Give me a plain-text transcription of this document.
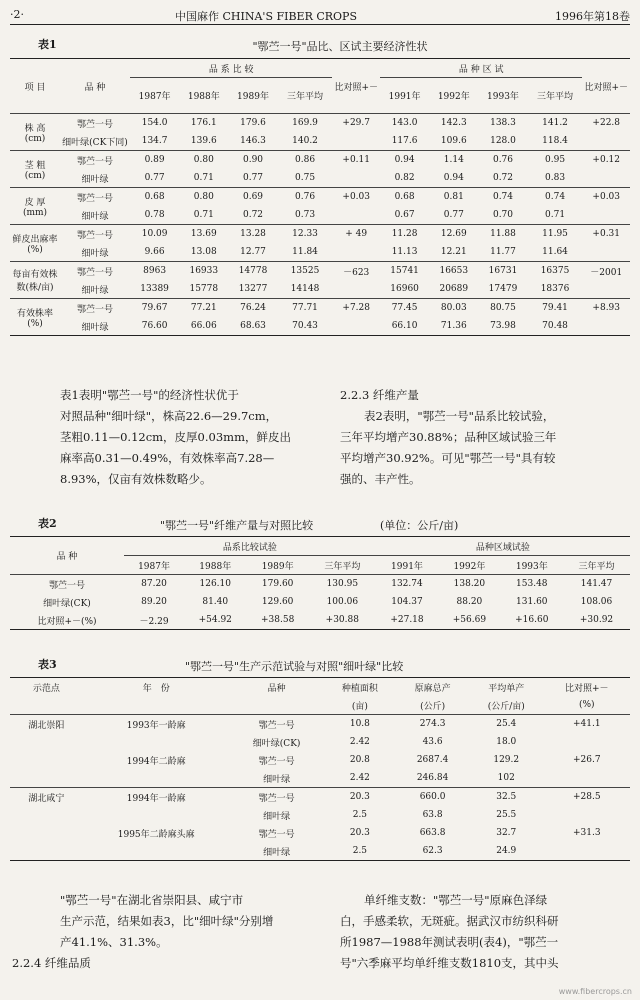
·2·	中国麻作 CHINA'S FIBER CROPS	1996年第18卷
表1	"鄂苎一号"品比、区试主要经济性状
项 目	品 种	品 系 比 较				比对照+－	品 种 区 试				比对照+－
		1987年	1988年	1989年	三年平均		1991年	1992年	1993年	三年平均	

株 高
(cm)	鄂苎一号	154.0	176.1	179.6	169.9	+29.7	143.0	142.3	138.3	141.2	+22.8
	细叶绿(CK下同)	134.7	139.6	146.3	140.2		117.6	109.6	128.0	118.4	

茎 粗
(cm)	鄂苎一号	0.89	0.80	0.90	0.86	+0.11	0.94	1.14	0.76	0.95	+0.12
	细叶绿	0.77	0.71	0.77	0.75		0.82	0.94	0.72	0.83	

皮 厚
(mm)	鄂苎一号	0.68	0.80	0.69	0.76	+0.03	0.68	0.81	0.74	0.74	+0.03
	细叶绿	0.78	0.71	0.72	0.73		0.67	0.77	0.70	0.71	

鲜皮出麻率
(%)	鄂苎一号	10.09	13.69	13.28	12.33	+ 49	11.28	12.69	11.88	11.95	+0.31
	细叶绿	9.66	13.08	12.77	11.84		11.13	12.21	11.77	11.64	

每亩有效株
数(株/亩)	鄂苎一号	8963	16933	14778	13525	－623	15741	16653	16731	16375	－2001
	细叶绿	13389	15778	13277	14148		16960	20689	17479	18376	

有效株率
(%)	鄂苎一号	79.67	77.21	76.24	77.71	+7.28	77.45	80.03	80.75	79.41	+8.93
	细叶绿	76.60	66.06	68.63	70.43		66.10	71.36	73.98	70.48	
表1表明"鄂苎一号"的经济性状优于
对照品种"细叶绿"，株高22.6—29.7cm，
茎粗0.11—0.12cm，皮厚0.03mm，鲜皮出
麻率高0.31—0.49%，有效株率高7.28—
8.93%，仅亩有效株数略少。
2.2.3 纤维产量
表2表明，"鄂苎一号"品系比较试验，
三年平均增产30.88%；品种区域试验三年
平均增产30.92%。可见"鄂苎一号"具有较
强的、丰产性。
表2	"鄂苎一号"纤维产量与对照比较	(单位：公斤/亩)
品 种	品系比较试验				品种区域试验			
	1987年	1988年	1989年	三年平均	1991年	1992年	1993年	三年平均
鄂苎一号	87.20	126.10	179.60	130.95	132.74	138.20	153.48	141.47
细叶绿(CK)	89.20	81.40	129.60	100.06	104.37	88.20	131.60	108.06
比对照+－(%)	－2.29	+54.92	+38.58	+30.88	+27.18	+56.69	+16.60	+30.92
表3	"鄂苎一号"生产示范试验与对照"细叶绿"比较
示范点	年　份	品种	种植面积	原麻总产	平均单产	比对照+－
			(亩)	(公斤)	(公斤/亩)	(%)
湖北崇阳	1993年一龄麻	鄂苎一号	10.8	274.3	25.4	+41.1
		细叶绿(CK)	2.42	43.6	18.0	
	1994年二龄麻	鄂苎一号	20.8	2687.4	129.2	+26.7
		细叶绿	2.42	246.84	102	
湖北咸宁	1994年一龄麻	鄂苎一号	20.3	660.0	32.5	+28.5
		细叶绿	2.5	63.8	25.5	
	1995年二龄麻头麻	鄂苎一号	20.3	663.8	32.7	+31.3
		细叶绿	2.5	62.3	24.9	
"鄂苎一号"在湖北省崇阳县、咸宁市
生产示范，结果如表3，比"细叶绿"分别增
产41.1%、31.3%。
2.2.4 纤维品质
单纤维支数："鄂苎一号"原麻色泽绿
白，手感柔软，无斑疵。据武汉市纺织科研
所1987—1988年测试表明(表4)，"鄂苎一
号"六季麻平均单纤维支数1810支，其中头
www.fibercrops.cn
